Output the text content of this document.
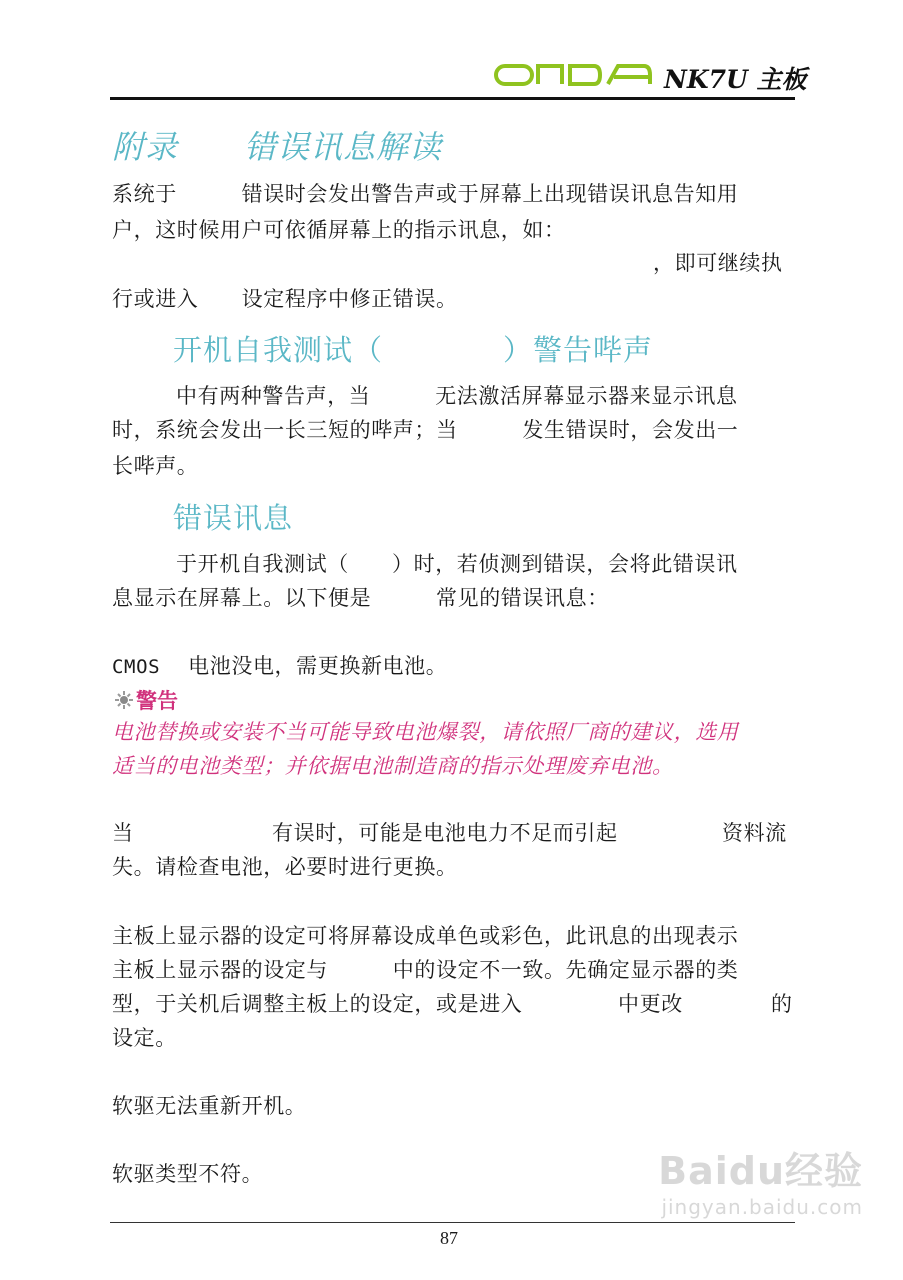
NK7U 主板
附录　　错误讯息解读
系统于　　　错误时会发出警告声或于屏幕上出现错误讯息告知用
户，这时候用户可依循屏幕上的指示讯息，如：
，即可继续执
行或进入　　设定程序中修正错误。
开机自我测试（　　　　）警告哔声
中有两种警告声，当　　　无法激活屏幕显示器来显示讯息
时，系统会发出一长三短的哔声；当　　　发生错误时，会发出一
长哔声。
错误讯息
于开机自我测试（　　）时，若侦测到错误，会将此错误讯
息显示在屏幕上。以下便是　　　常见的错误讯息：
CMOS 电池没电，需更换新电池。
警告
电池替换或安装不当可能导致电池爆裂，请依照厂商的建议，选用
适当的电池类型；并依据电池制造商的指示处理废弃电池。
当	有误时，可能是电池电力不足而引起	资料流
失。请检查电池，必要时进行更换。
主板上显示器的设定可将屏幕设成单色或彩色，此讯息的出现表示
主板上显示器的设定与　　　中的设定不一致。先确定显示器的类
型，于关机后调整主板上的设定，或是进入	中更改	的
设定。
软驱无法重新开机。
软驱类型不符。
87
Baidu经验
jingyan.baidu.com
